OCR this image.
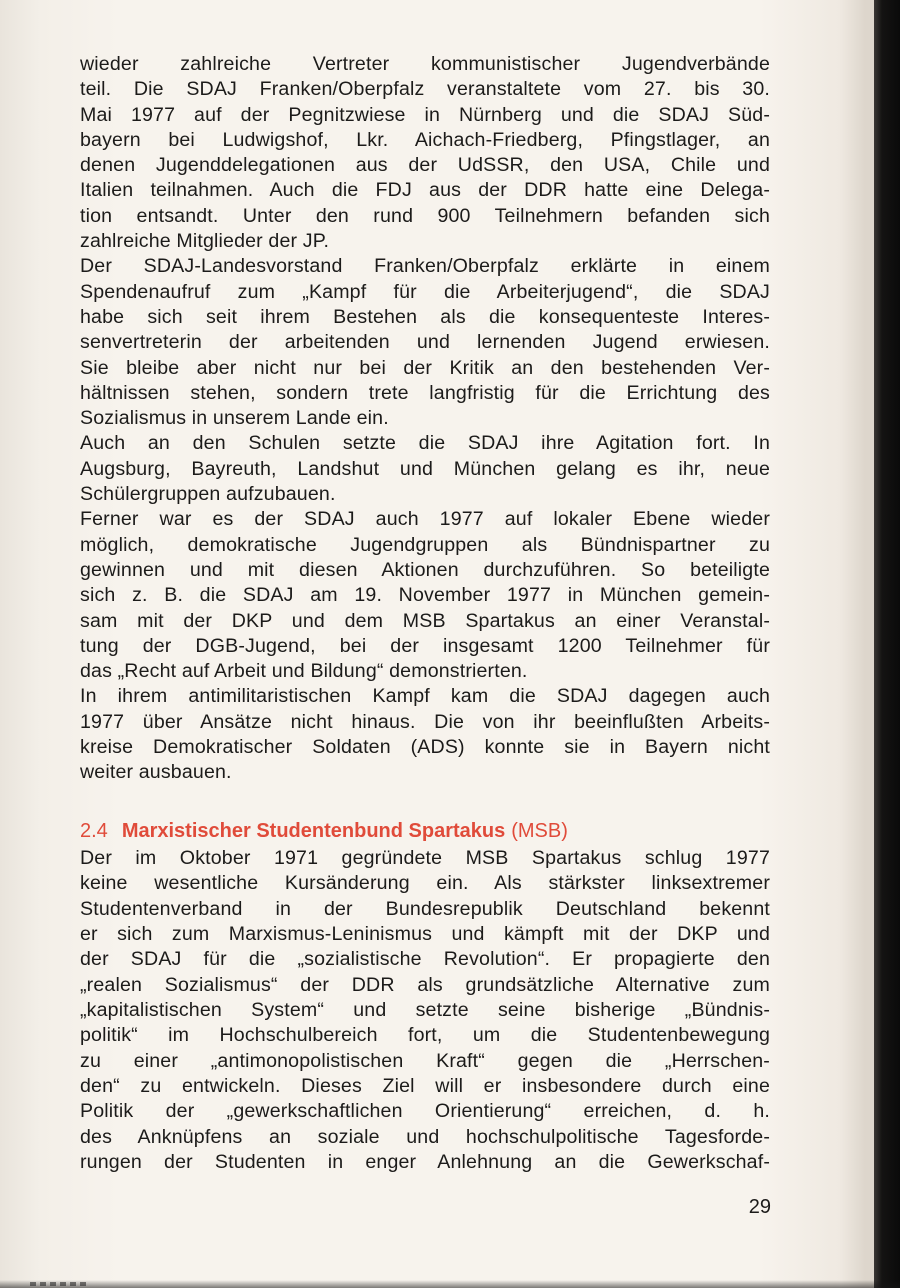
wieder zahlreiche Vertreter kommunistischer Jugendverbände
teil. Die SDAJ Franken/Oberpfalz veranstaltete vom 27. bis 30.
Mai 1977 auf der Pegnitzwiese in Nürnberg und die SDAJ Süd-
bayern bei Ludwigshof, Lkr. Aichach-Friedberg, Pfingstlager, an
denen Jugenddelegationen aus der UdSSR, den USA, Chile und
Italien teilnahmen. Auch die FDJ aus der DDR hatte eine Delega-
tion entsandt. Unter den rund 900 Teilnehmern befanden sich
zahlreiche Mitglieder der JP.
Der SDAJ-Landesvorstand Franken/Oberpfalz erklärte in einem
Spendenaufruf zum „Kampf für die Arbeiterjugend“, die SDAJ
habe sich seit ihrem Bestehen als die konsequenteste Interes-
senvertreterin der arbeitenden und lernenden Jugend erwiesen.
Sie bleibe aber nicht nur bei der Kritik an den bestehenden Ver-
hältnissen stehen, sondern trete langfristig für die Errichtung des
Sozialismus in unserem Lande ein.
Auch an den Schulen setzte die SDAJ ihre Agitation fort. In
Augsburg, Bayreuth, Landshut und München gelang es ihr, neue
Schülergruppen aufzubauen.
Ferner war es der SDAJ auch 1977 auf lokaler Ebene wieder
möglich, demokratische Jugendgruppen als Bündnispartner zu
gewinnen und mit diesen Aktionen durchzuführen. So beteiligte
sich z. B. die SDAJ am 19. November 1977 in München gemein-
sam mit der DKP und dem MSB Spartakus an einer Veranstal-
tung der DGB-Jugend, bei der insgesamt 1200 Teilnehmer für
das „Recht auf Arbeit und Bildung“ demonstrierten.
In ihrem antimilitaristischen Kampf kam die SDAJ dagegen auch
1977 über Ansätze nicht hinaus. Die von ihr beeinflußten Arbeits-
kreise Demokratischer Soldaten (ADS) konnte sie in Bayern nicht
weiter ausbauen.
2.4 Marxistischer Studentenbund Spartakus (MSB)
Der im Oktober 1971 gegründete MSB Spartakus schlug 1977
keine wesentliche Kursänderung ein. Als stärkster linksextremer
Studentenverband in der Bundesrepublik Deutschland bekennt
er sich zum Marxismus-Leninismus und kämpft mit der DKP und
der SDAJ für die „sozialistische Revolution“. Er propagierte den
„realen Sozialismus“ der DDR als grundsätzliche Alternative zum
„kapitalistischen System“ und setzte seine bisherige „Bündnis-
politik“ im Hochschulbereich fort, um die Studentenbewegung
zu einer „antimonopolistischen Kraft“ gegen die „Herrschen-
den“ zu entwickeln. Dieses Ziel will er insbesondere durch eine
Politik der „gewerkschaftlichen Orientierung“ erreichen, d. h.
des Anknüpfens an soziale und hochschulpolitische Tagesforde-
rungen der Studenten in enger Anlehnung an die Gewerkschaf-
29
